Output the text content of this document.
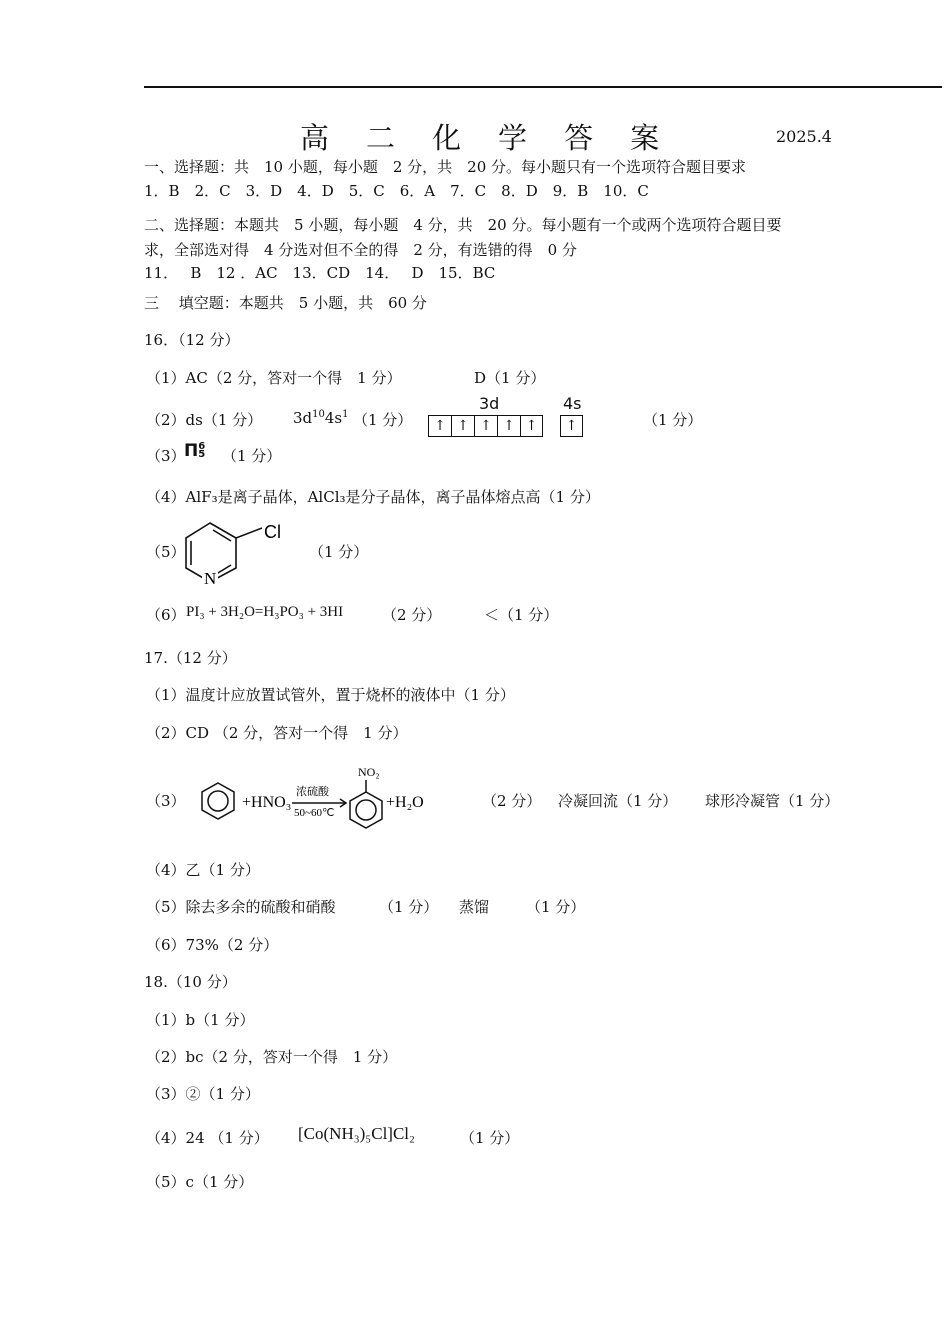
高 二 化 学 答 案	2025.4
一、选择题：共　10 小题，每小题　2 分，共　20 分。每小题只有一个选项符合题目要求
1．B　2．C　3．D　4．D　5．C　6．A　7．C　8．D　9．B　10．C
二、选择题：本题共　5 小题，每小题　4 分，共　20 分。每小题有一个或两个选项符合题目要
求，全部选对得　4 分选对但不全的得　2 分，有选错的得　0 分
11．　 B　12 ．AC　13．CD　14．　 D　15．BC
三　 填空题：本题共　5 小题，共　60 分
16．（12 分）
（1）AC（2 分，答对一个得　1 分）	D（1 分）
（2）ds（1 分） $3d^{10}4s^1$ （1 分）
3d	4s
↑ ↑ ↑ ↑ ↑	↑	（1 分）
（3）
Π 6
5 （1 分）
（4）AlF₃是离子晶体，AlCl₃是分子晶体，离子晶体熔点高（1 分）
（5）
N
Cl
（1 分）
（6） PI₃ + 3H₂O=H₃PO₃ + 3HI	（2 分）	＜（1 分）
17.（12 分）
（1）温度计应放置试管外，置于烧杯的液体中（1 分）
（2）CD （2 分，答对一个得　1 分）
（3）	+HNO₃
浓硫酸
50~60℃
NO₂
+H₂O	（2 分） 冷凝回流（1 分） 球形冷凝管（1 分）
（4）乙（1 分）
（5）除去多余的硫酸和硝酸	（1 分） 蒸馏 （1 分）
（6）73%（2 分）
18.（10 分）
（1）b（1 分）
（2）bc（2 分，答对一个得　1 分）
（3）②（1 分）
（4）24 （1 分） [Co(NH₃)₅Cl]Cl₂	（1 分）
（5）c（1 分）
